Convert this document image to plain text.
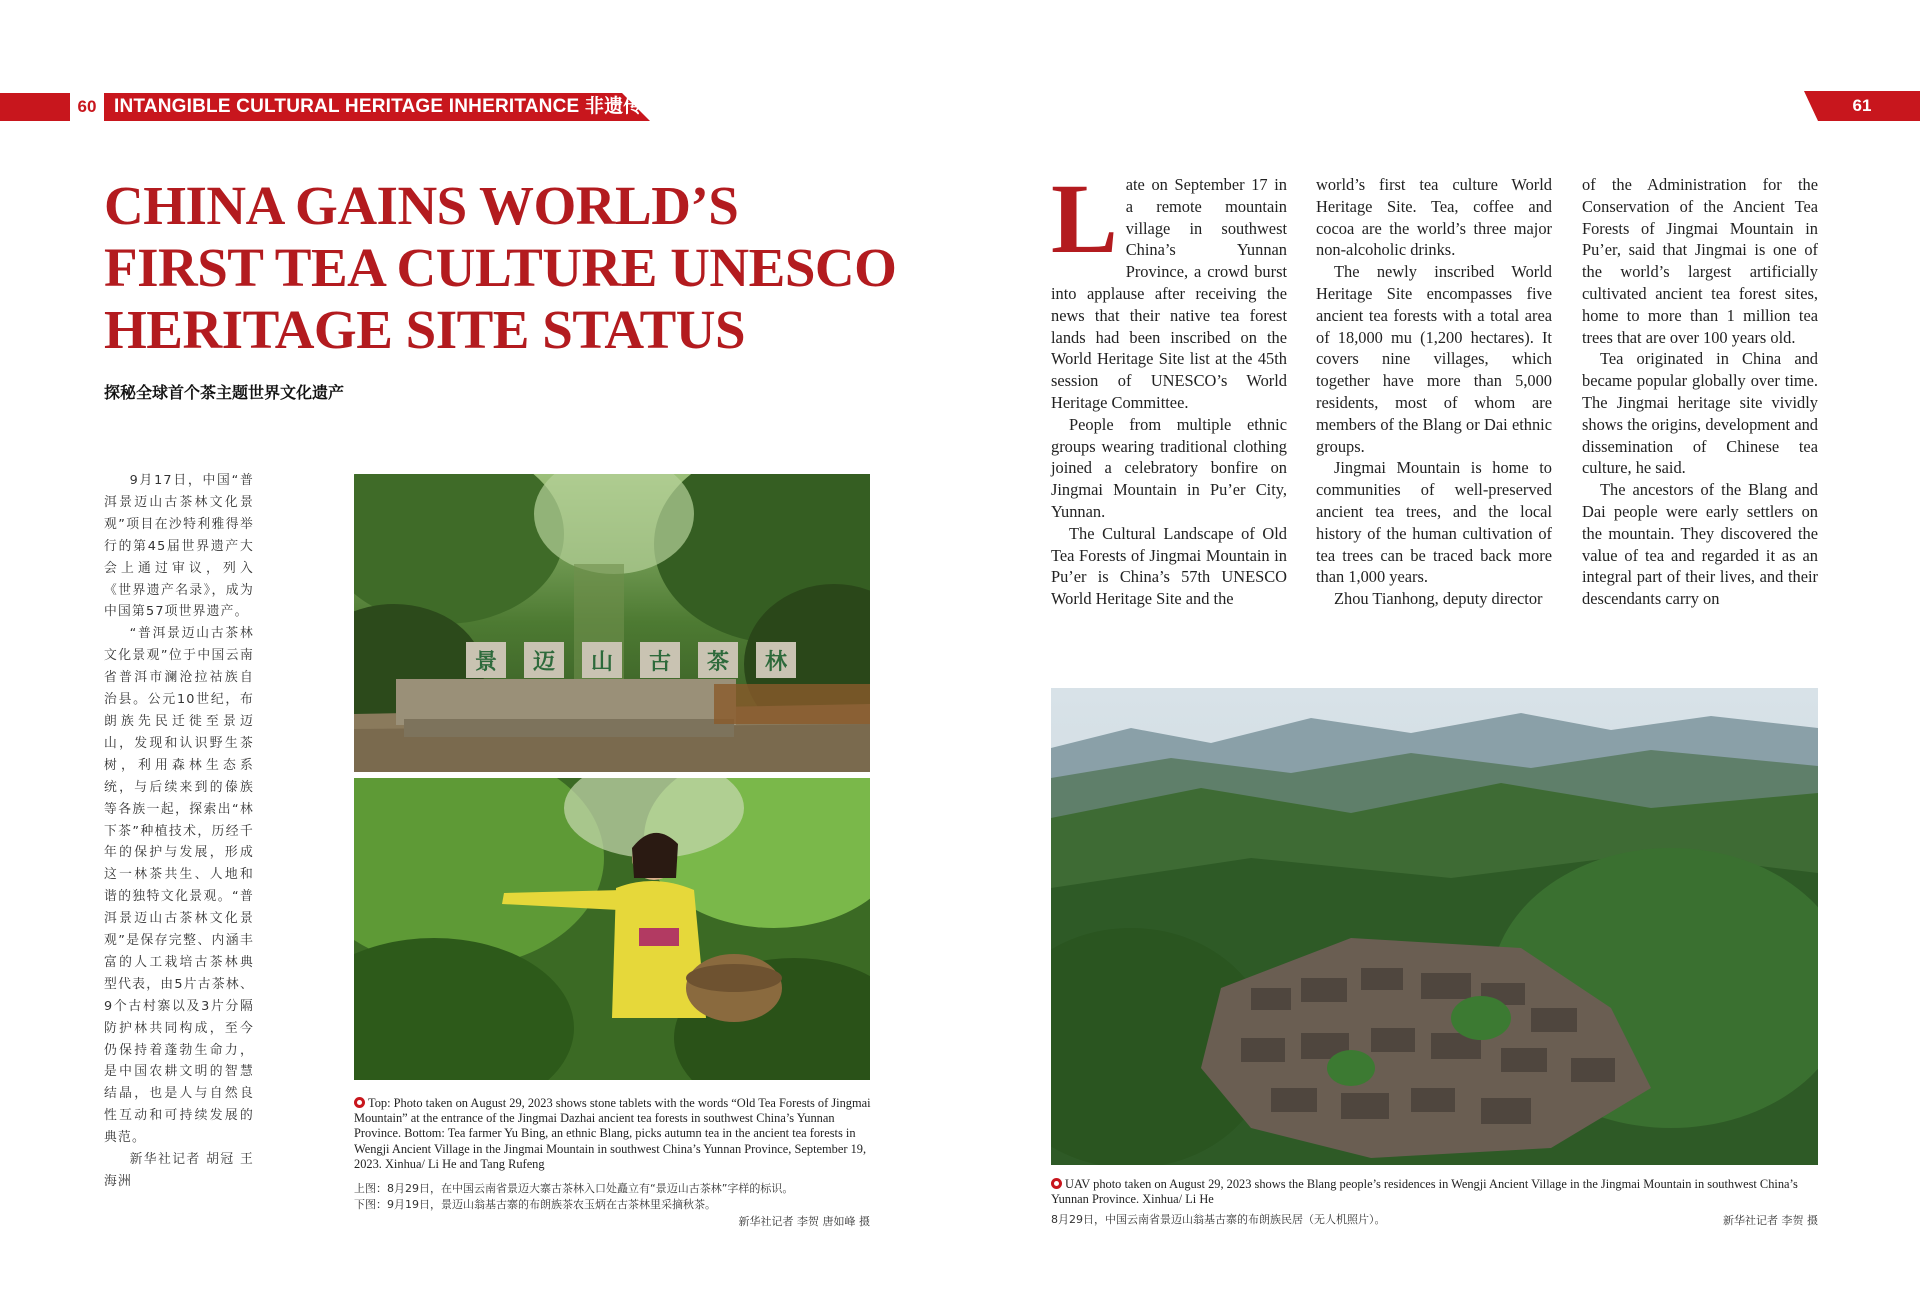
60 INTANGIBLE CULTURAL HERITAGE INHERITANCE 非遗传承	61
CHINA GAINS WORLD’S FIRST TEA CULTURE UNESCO HERITAGE SITE STATUS
探秘全球首个茶主题世界文化遗产

9月17日，中国“普洱景迈山古茶林文化景观”项目在沙特利雅得举行的第45届世界遗产大会上通过审议，列入《世界遗产名录》，成为中国第57项世界遗产。

“普洱景迈山古茶林文化景观”位于中国云南省普洱市澜沧拉祜族自治县。公元10世纪，布朗族先民迁徙至景迈山，发现和认识野生茶树，利用森林生态系统，与后续来到的傣族等各族一起，探索出“林下茶”种植技术，历经千年的保护与发展，形成这一林茶共生、人地和谐的独特文化景观。“普洱景迈山古茶林文化景观”是保存完整、内涵丰富的人工栽培古茶林典型代表，由5片古茶林、9个古村寨以及3片分隔防护林共同构成，至今仍保持着蓬勃生命力，是中国农耕文明的智慧结晶，也是人与自然良性互动和可持续发展的典范。

新华社记者 胡冠 王海洲

景	迈	山	古	茶	林
Top: Photo taken on August 29, 2023 shows stone tablets with the words “Old Tea Forests of Jingmai Mountain” at the entrance of the Jingmai Dazhai ancient tea forests in southwest China’s Yunnan Province. Bottom: Tea farmer Yu Bing, an ethnic Blang, picks autumn tea in the ancient tea forests in Wengji Ancient Village in the Jingmai Mountain in southwest China’s Yunnan Province, September 19, 2023. Xinhua/ Li He and Tang Rufeng
上图：8月29日，在中国云南省景迈大寨古茶林入口处矗立有“景迈山古茶林”字样的标识。
下图：9月19日，景迈山翁基古寨的布朗族茶农玉炳在古茶林里采摘秋茶。
新华社记者 李贺 唐如峰 摄
L ate on September 17 in a remote mountain village in southwest China’s Yunnan Province, a crowd burst into applause after receiving the news that their native tea forest lands had been inscribed on the World Heritage Site list at the 45th session of UNESCO’s World Heritage Committee.

People from multiple ethnic groups wearing traditional clothing joined a celebratory bonfire on Jingmai Mountain in Pu’er City, Yunnan.

The Cultural Landscape of Old Tea Forests of Jingmai Mountain in Pu’er is China’s 57th UNESCO World Heritage Site and the

world’s first tea culture World Heritage Site. Tea, coffee and cocoa are the world’s three major non-alcoholic drinks.

The newly inscribed World Heritage Site encompasses five ancient tea forests with a total area of 18,000 mu (1,200 hectares). It covers nine villages, which together have more than 5,000 residents, most of whom are members of the Blang or Dai ethnic groups.

Jingmai Mountain is home to communities of well-preserved ancient tea trees, and the local history of the human cultivation of tea trees can be traced back more than 1,000 years.

Zhou Tianhong, deputy director

of the Administration for the Conservation of the Ancient Tea Forests of Jingmai Mountain in Pu’er, said that Jingmai is one of the world’s largest artificially cultivated ancient tea forest sites, home to more than 1 million tea trees that are over 100 years old.

Tea originated in China and became popular globally over time. The Jingmai heritage site vividly shows the origins, development and dissemination of Chinese tea culture, he said.

The ancestors of the Blang and Dai people were early settlers on the mountain. They discovered the value of tea and regarded it as an integral part of their lives, and their descendants carry on

UAV photo taken on August 29, 2023 shows the Blang people’s residences in Wengji Ancient Village in the Jingmai Mountain in southwest China’s Yunnan Province. Xinhua/ Li He
8月29日，中国云南省景迈山翁基古寨的布朗族民居（无人机照片）。	新华社记者 李贺 摄
